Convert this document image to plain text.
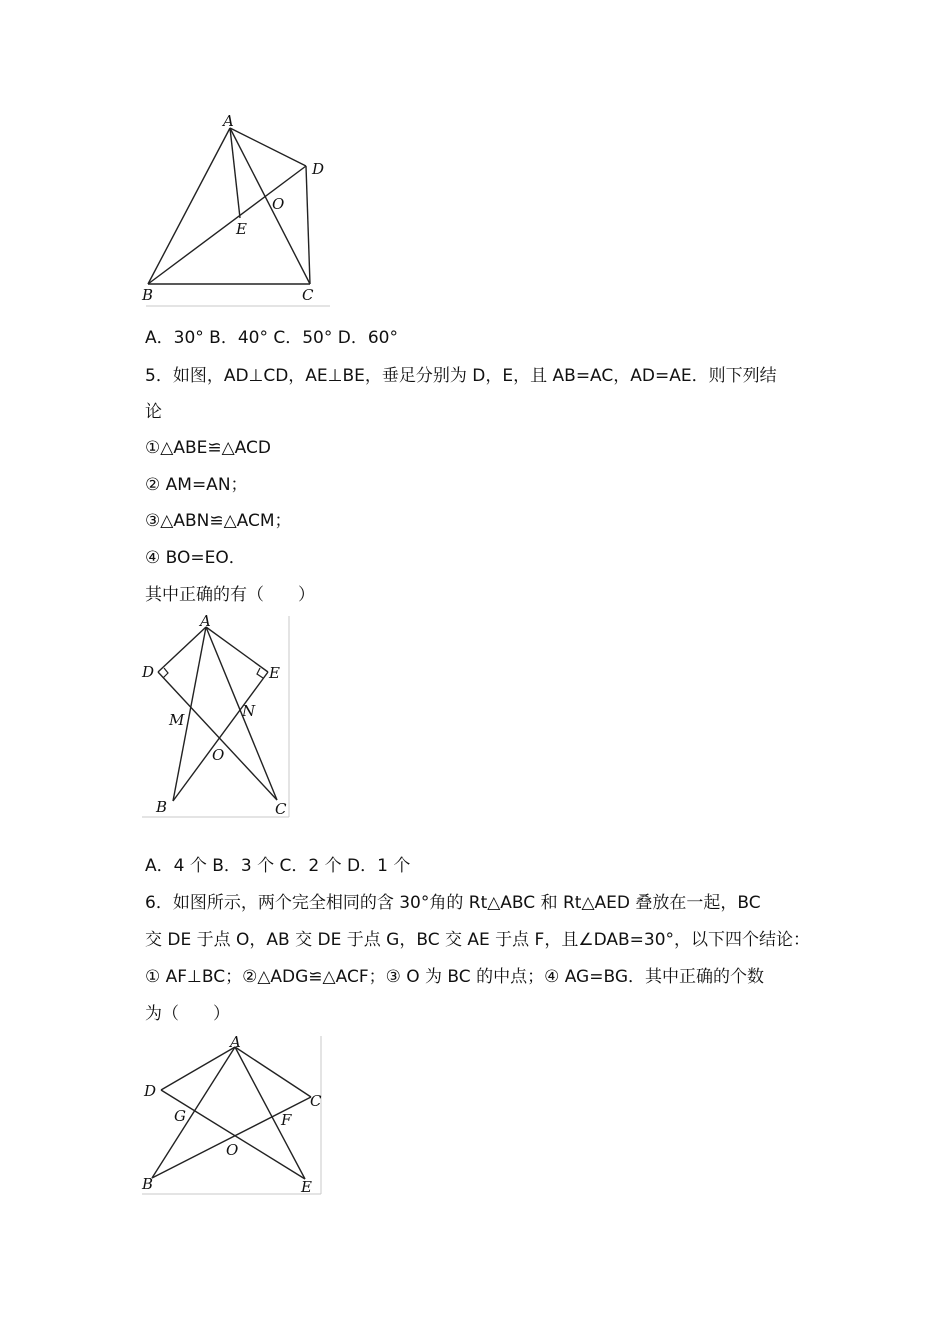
A
B	C
D
E
O
A．30° B．40° C．50° D．60°
5．如图，AD⊥CD，AE⊥BE，垂足分别为 D，E，且 AB=AC，AD=AE．则下列结
论
①△ABE≌△ACD
② AM=AN；
③△ABN≌△ACM；
④ BO=EO．
其中正确的有（　　）
A
D	E
M	N
O
B	C
A．4 个 B．3 个 C．2 个 D．1 个
6．如图所示，两个完全相同的含 30°角的 Rt△ABC 和 Rt△AED 叠放在一起，BC
交 DE 于点 O，AB 交 DE 于点 G，BC 交 AE 于点 F，且∠DAB=30°，以下四个结论：
① AF⊥BC；②△ADG≌△ACF；③ O 为 BC 的中点；④ AG=BG．其中正确的个数
为（　　）
A
D
C
G	F
O
B	E
